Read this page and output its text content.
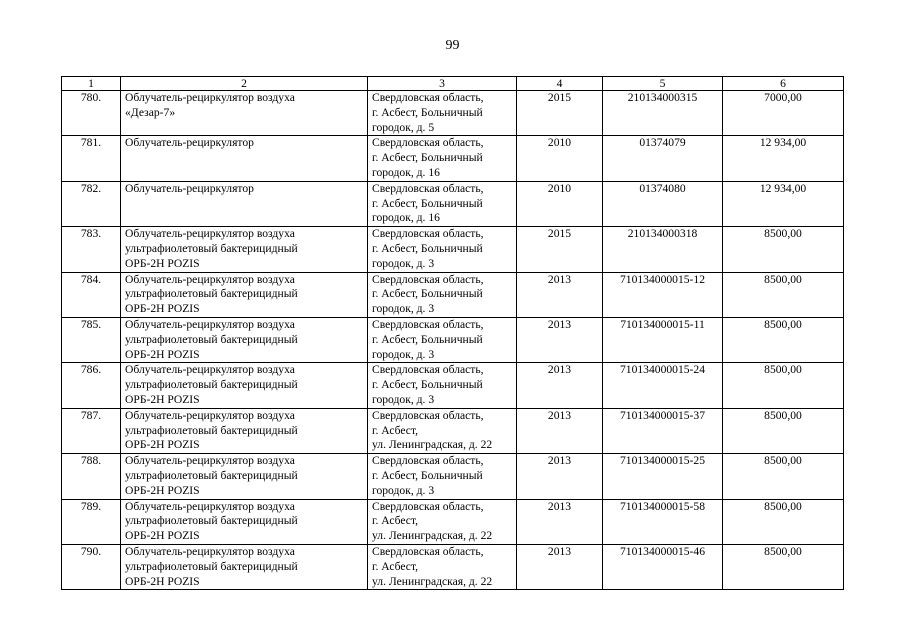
99
1	2	3	4	5	6
780.	Облучатель-рециркулятор воздуха
«Дезар-7»	Свердловская область,
г. Асбест, Больничный
городок, д. 5	2015	210134000315	7000,00
781.	Облучатель-рециркулятор	Свердловская область,
г. Асбест, Больничный
городок, д. 16	2010	01374079	12 934,00
782.	Облучатель-рециркулятор	Свердловская область,
г. Асбест, Больничный
городок, д. 16	2010	01374080	12 934,00
783.	Облучатель-рециркулятор воздуха
ультрафиолетовый бактерицидный
ОРБ-2Н POZIS	Свердловская область,
г. Асбест, Больничный
городок, д. 3	2015	210134000318	8500,00
784.	Облучатель-рециркулятор воздуха
ультрафиолетовый бактерицидный
ОРБ-2Н POZIS	Свердловская область,
г. Асбест, Больничный
городок, д. 3	2013	710134000015-12	8500,00
785.	Облучатель-рециркулятор воздуха
ультрафиолетовый бактерицидный
ОРБ-2Н POZIS	Свердловская область,
г. Асбест, Больничный
городок, д. 3	2013	710134000015-11	8500,00
786.	Облучатель-рециркулятор воздуха
ультрафиолетовый бактерицидный
ОРБ-2Н POZIS	Свердловская область,
г. Асбест, Больничный
городок, д. 3	2013	710134000015-24	8500,00
787.	Облучатель-рециркулятор воздуха
ультрафиолетовый бактерицидный
ОРБ-2Н POZIS	Свердловская область,
г. Асбест,
ул. Ленинградская, д. 22	2013	710134000015-37	8500,00
788.	Облучатель-рециркулятор воздуха
ультрафиолетовый бактерицидный
ОРБ-2Н POZIS	Свердловская область,
г. Асбест, Больничный
городок, д. 3	2013	710134000015-25	8500,00
789.	Облучатель-рециркулятор воздуха
ультрафиолетовый бактерицидный
ОРБ-2Н POZIS	Свердловская область,
г. Асбест,
ул. Ленинградская, д. 22	2013	710134000015-58	8500,00
790.	Облучатель-рециркулятор воздуха
ультрафиолетовый бактерицидный
ОРБ-2Н POZIS	Свердловская область,
г. Асбест,
ул. Ленинградская, д. 22	2013	710134000015-46	8500,00
